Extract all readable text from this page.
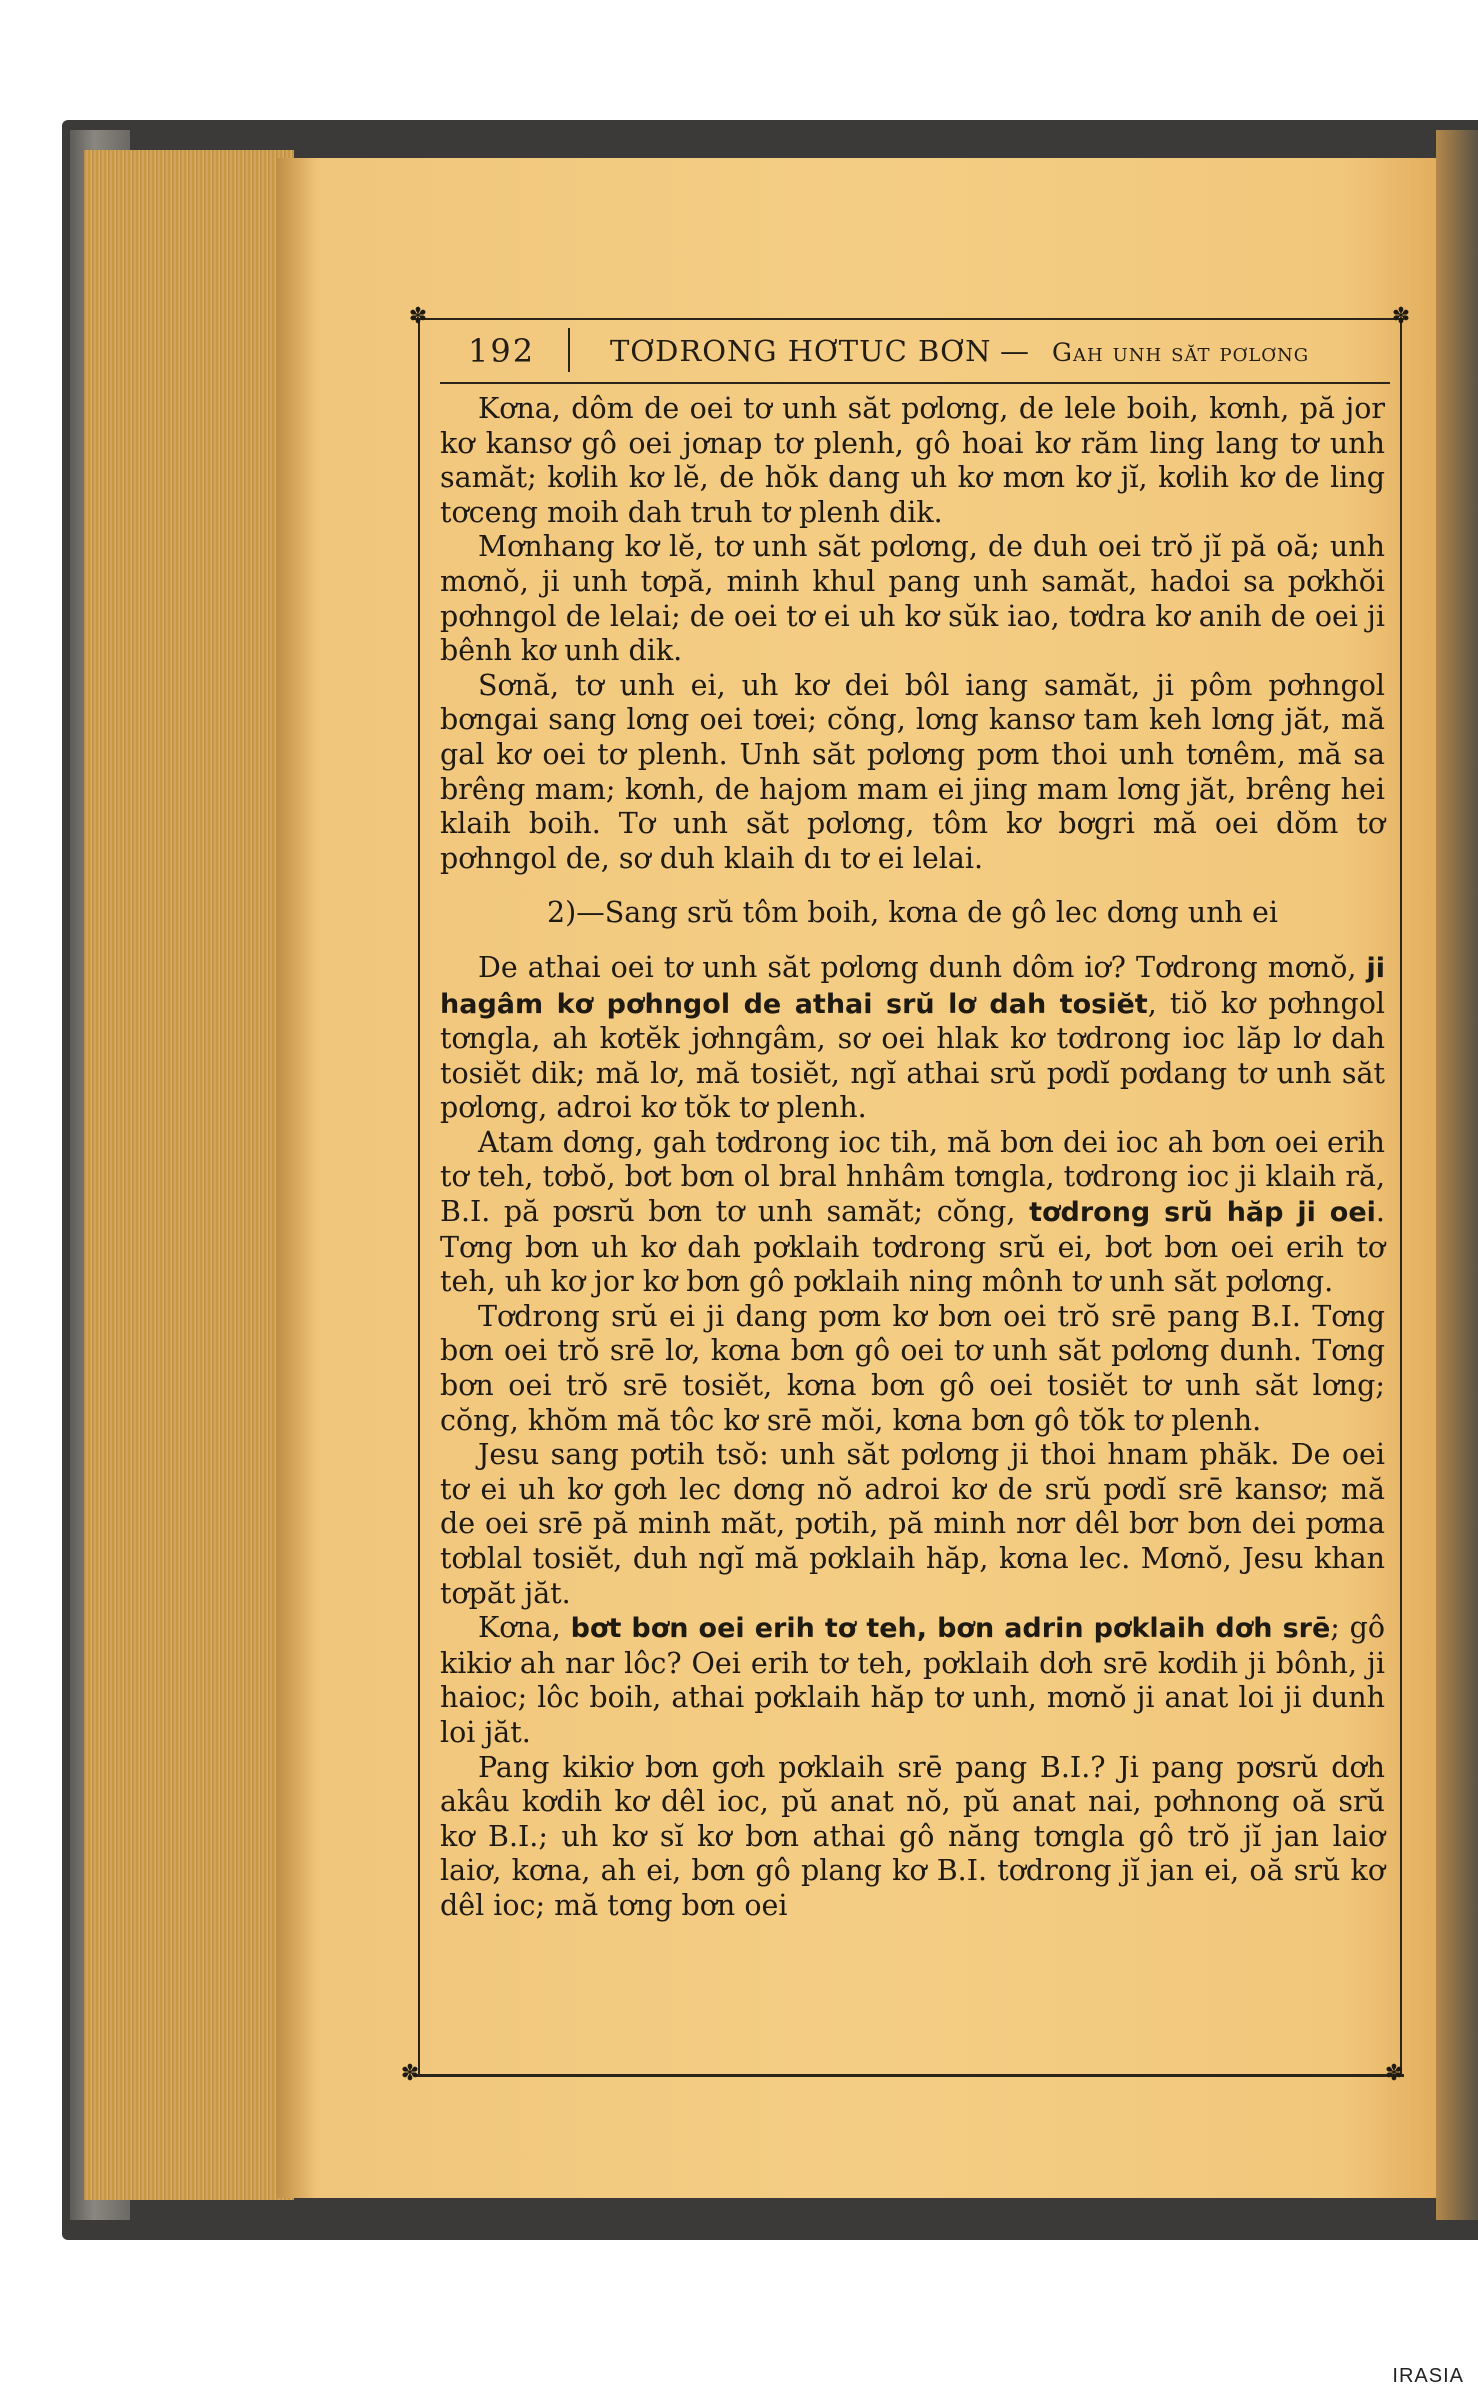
✽	✽
✽	✽
192	TƠDRONG HƠTUC BƠN — Gah unh săt pơlơng

Kơna, dôm de oei tơ unh săt pơlơng, de lele boih, kơnh, pă jor kơ kansơ gô oei jơnap tơ plenh, gô hoai kơ răm ling lang tơ unh samăt; kơlih kơ lĕ, de hŏk dang uh kơ mơn kơ jĭ, kơlih kơ de ling tơceng moih dah truh tơ plenh dik.

Mơnhang kơ lĕ, tơ unh săt pơlơng, de duh oei trŏ jĭ pă oă; unh mơnŏ, ji unh tơpă, minh khul pang unh samăt, hadoi sa pơkhŏi pơhngol de lelai; de oei tơ ei uh kơ sŭk iao, tơdra kơ anih de oei ji bênh kơ unh dik.

Sơnă, tơ unh ei, uh kơ dei bôl iang samăt, ji pôm pơhngol bơngai sang lơng oei tơei; cŏng, lơng kansơ tam keh lơng jăt, mă gal kơ oei tơ plenh. Unh săt pơlơng pơm thoi unh tơnêm, mă sa brêng mam; kơnh, de hajom mam ei jing mam lơng jăt, brêng hei klaih boih. Tơ unh săt pơlơng, tôm kơ bơgri mă oei dŏm tơ pơhngol de, sơ duh klaih dı tơ ei lelai.

2)—Sang srŭ tôm boih, kơna de gô lec dơng unh ei

De athai oei tơ unh săt pơlơng dunh dôm iơ? Tơdrong mơnŏ, ji hagâm kơ pơhngol de athai srŭ lơ dah tosiĕt, tiŏ kơ pơhngol tơngla, ah kơtĕk jơhngâm, sơ oei hlak kơ tơdrong ioc lăp lơ dah tosiĕt dik; mă lơ, mă tosiĕt, ngĭ athai srŭ pơdĭ pơdang tơ unh săt pơlơng, adroi kơ tŏk tơ plenh.

Atam dơng, gah tơdrong ioc tih, mă bơn dei ioc ah bơn oei erih tơ teh, tơbŏ, bơt bơn ol bral hnhâm tơngla, tơdrong ioc ji klaih ră, B.I. pă pơsrŭ bơn tơ unh samăt; cŏng, tơdrong srŭ hăp ji oei. Tơng bơn uh kơ dah pơklaih tơdrong srŭ ei, bơt bơn oei erih tơ teh, uh kơ jor kơ bơn gô pơklaih ning mônh tơ unh săt pơlơng.

Tơdrong srŭ ei ji dang pơm kơ bơn oei trŏ srē pang B.I. Tơng bơn oei trŏ srē lơ, kơna bơn gô oei tơ unh săt pơlơng dunh. Tơng bơn oei trŏ srē tosiĕt, kơna bơn gô oei tosiĕt tơ unh săt lơng; cŏng, khŏm mă tôc kơ srē mŏi, kơna bơn gô tŏk tơ plenh.

Jesu sang pơtih tsŏ: unh săt pơlơng ji thoi hnam phăk. De oei tơ ei uh kơ gơh lec dơng nŏ adroi kơ de srŭ pơdĭ srē kansơ; mă de oei srē pă minh măt, pơtih, pă minh nơr dêl bơr bơn dei pơma tơblal tosiĕt, duh ngĭ mă pơklaih hăp, kơna lec. Mơnŏ, Jesu khan tơpăt jăt.

Kơna, bơt bơn oei erih tơ teh, bơn adrin pơklaih dơh srē; gô kikiơ ah nar lôc? Oei erih tơ teh, pơklaih dơh srē kơdih ji bônh, ji haioc; lôc boih, athai pơklaih hăp tơ unh, mơnŏ ji anat loi ji dunh loi jăt.

Pang kikiơ bơn gơh pơklaih srē pang B.I.? Ji pang pơsrŭ dơh akâu kơdih kơ dêl ioc, pŭ anat nŏ, pŭ anat nai, pơhnong oă srŭ kơ B.I.; uh kơ sĭ kơ bơn athai gô năng tơngla gô trŏ jĭ jan laiơ laiơ, kơna, ah ei, bơn gô plang kơ B.I. tơdrong jĭ jan ei, oă srŭ kơ dêl ioc; mă tơng bơn oei

IRASIA
